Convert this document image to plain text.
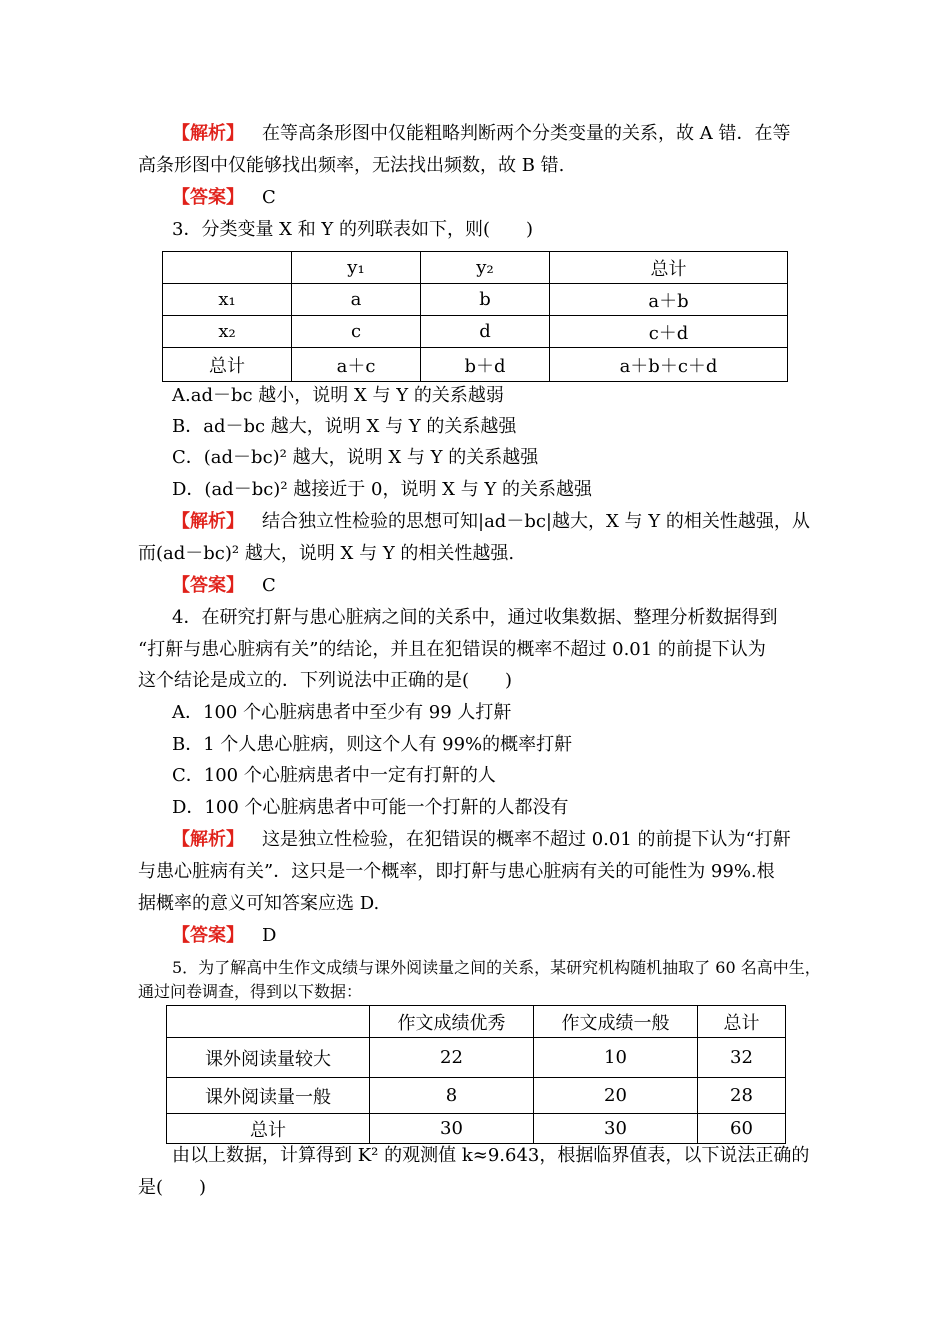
【解析】 在等高条形图中仅能粗略判断两个分类变量的关系，故 A 错．在等
高条形图中仅能够找出频率，无法找出频数，故 B 错.
【答案】 C
3．分类变量 X 和 Y 的列联表如下，则(　　)
	y₁	y₂	总计
x₁	a	b	a＋b
x₂	c	d	c＋d
总计	a＋c	b＋d	a＋b＋c＋d
A.ad－bc 越小，说明 X 与 Y 的关系越弱
B．ad－bc 越大，说明 X 与 Y 的关系越强
C．(ad－bc)² 越大，说明 X 与 Y 的关系越强
D．(ad－bc)² 越接近于 0，说明 X 与 Y 的关系越强
【解析】 结合独立性检验的思想可知|ad－bc|越大，X 与 Y 的相关性越强，从
而(ad－bc)² 越大，说明 X 与 Y 的相关性越强.
【答案】 C
4．在研究打鼾与患心脏病之间的关系中，通过收集数据、整理分析数据得到
“打鼾与患心脏病有关”的结论，并且在犯错误的概率不超过 0.01 的前提下认为
这个结论是成立的．下列说法中正确的是(　　)
A．100 个心脏病患者中至少有 99 人打鼾
B．1 个人患心脏病，则这个人有 99%的概率打鼾
C．100 个心脏病患者中一定有打鼾的人
D．100 个心脏病患者中可能一个打鼾的人都没有
【解析】 这是独立性检验，在犯错误的概率不超过 0.01 的前提下认为“打鼾
与患心脏病有关”．这只是一个概率，即打鼾与患心脏病有关的可能性为 99%.根
据概率的意义可知答案应选 D.
【答案】 D
5．为了解高中生作文成绩与课外阅读量之间的关系，某研究机构随机抽取了 60 名高中生，
通过问卷调查，得到以下数据：
	作文成绩优秀	作文成绩一般	总计
课外阅读量较大	22	10	32
课外阅读量一般	8	20	28
总计	30	30	60
由以上数据，计算得到 K² 的观测值 k≈9.643，根据临界值表，以下说法正确的
是(　　)
